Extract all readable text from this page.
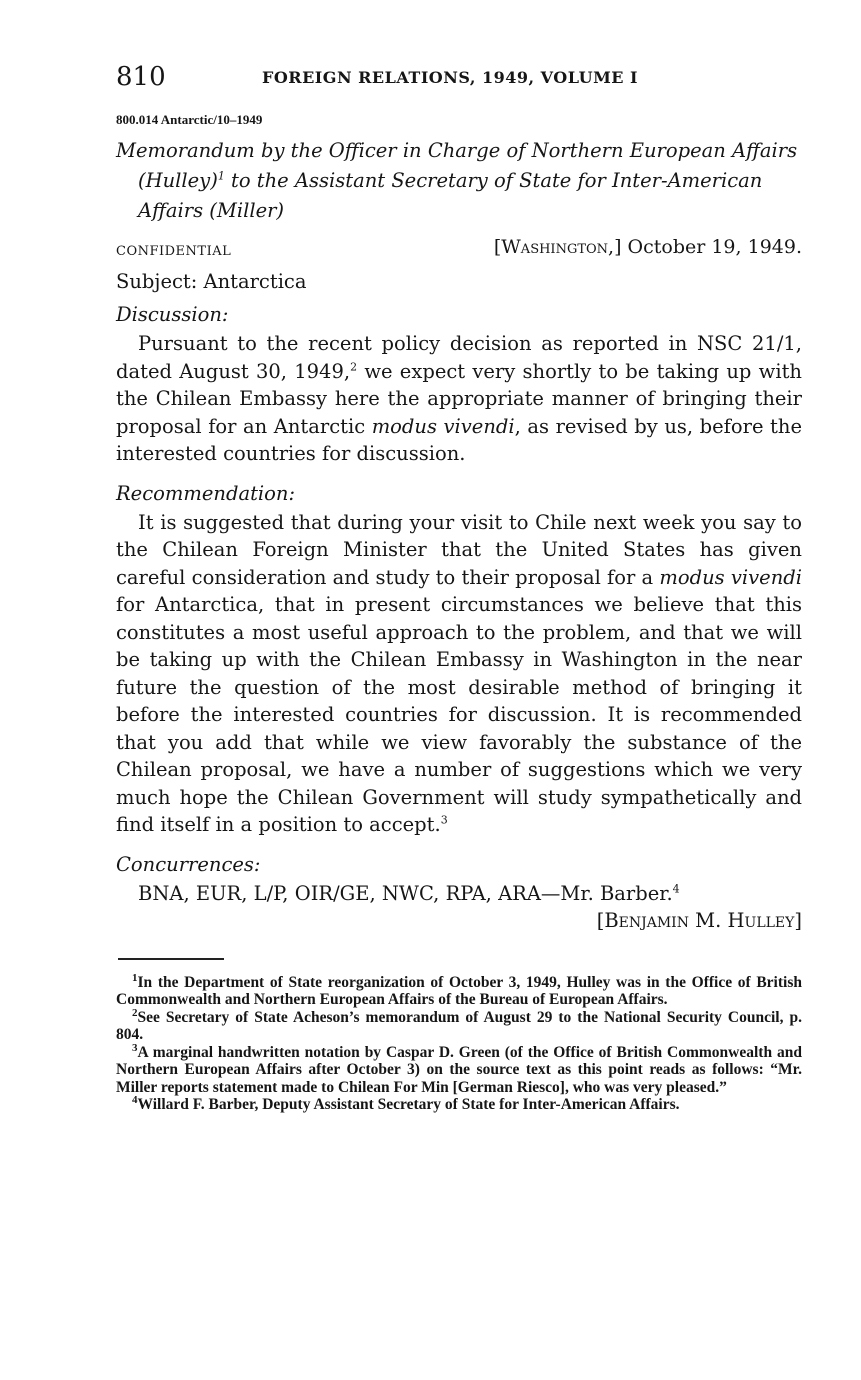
810	FOREIGN RELATIONS, 1949, VOLUME I
800.014 Antarctic/10–1949
Memorandum by the Officer in Charge of Northern European Affairs (Hulley)$^1$ to the Assistant Secretary of State for Inter-American Affairs (Miller)
CONFIDENTIAL	[Washington,] October 19, 1949.
Subject: Antarctica
Discussion:
Pursuant to the recent policy decision as reported in NSC 21/1, dated August 30, 1949,$^2$ we expect very shortly to be taking up with the Chilean Embassy here the appropriate manner of bringing their proposal for an Antarctic modus vivendi, as revised by us, before the interested countries for discussion.
Recommendation:
It is suggested that during your visit to Chile next week you say to the Chilean Foreign Minister that the United States has given careful consideration and study to their proposal for a modus vivendi for Antarctica, that in present circumstances we believe that this constitutes a most useful approach to the problem, and that we will be taking up with the Chilean Embassy in Washington in the near future the question of the most desirable method of bringing it before the interested countries for discussion. It is recommended that you add that while we view favorably the substance of the Chilean proposal, we have a number of suggestions which we very much hope the Chilean Government will study sympathetically and find itself in a position to accept.$^3$
Concurrences:
BNA, EUR, L/P, OIR/GE, NWC, RPA, ARA—Mr. Barber.$^4$
[Benjamin M. Hulley]
$^1$In the Department of State reorganization of October 3, 1949, Hulley was in the Office of British Commonwealth and Northern European Affairs of the Bureau of European Affairs.
$^2$See Secretary of State Acheson’s memorandum of August 29 to the National Security Council, p. 804.
$^3$A marginal handwritten notation by Caspar D. Green (of the Office of British Commonwealth and Northern European Affairs after October 3) on the source text as this point reads as follows: “Mr. Miller reports statement made to Chilean For Min [German Riesco], who was very pleased.”
$^4$Willard F. Barber, Deputy Assistant Secretary of State for Inter-American Affairs.
